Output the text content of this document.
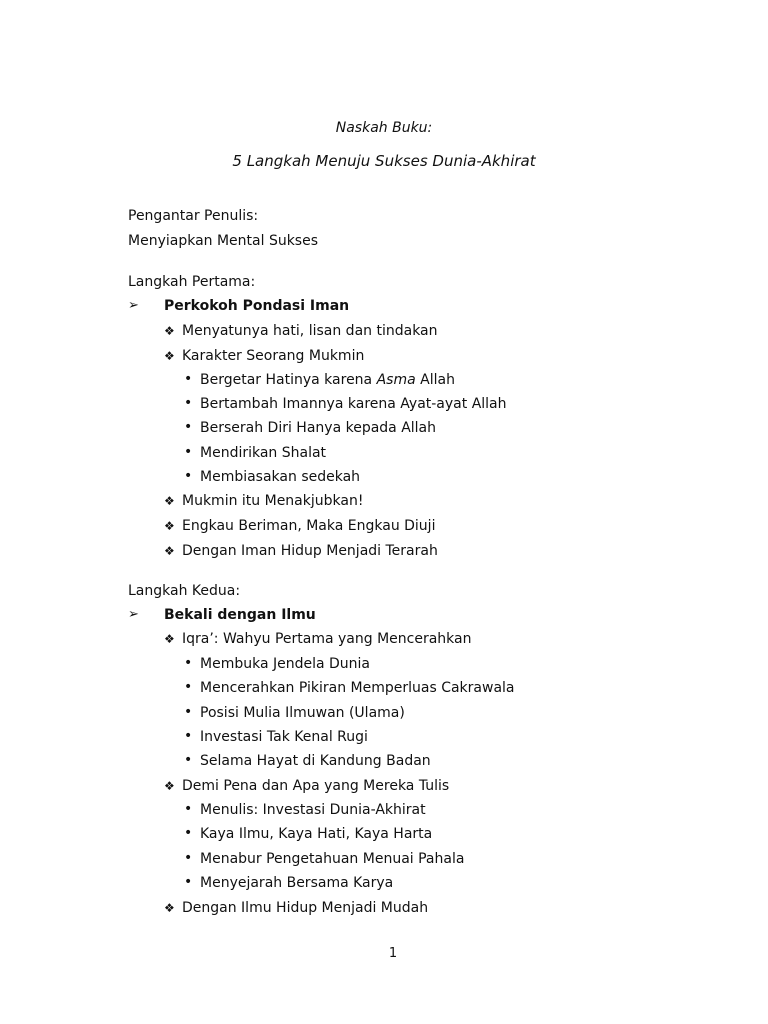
Naskah Buku:
5 Langkah Menuju Sukses Dunia-Akhirat
Pengantar Penulis:
Menyiapkan Mental Sukses
Langkah Pertama:
➢	Perkokoh Pondasi Iman
❖ Menyatunya hati, lisan dan tindakan
❖ Karakter Seorang Mukmin
• Bergetar Hatinya karena Asma Allah
• Bertambah Imannya karena Ayat-ayat Allah
• Berserah Diri Hanya kepada Allah
• Mendirikan Shalat
• Membiasakan sedekah
❖ Mukmin itu Menakjubkan!
❖ Engkau Beriman, Maka Engkau Diuji
❖ Dengan Iman Hidup Menjadi Terarah
Langkah Kedua:
➢	Bekali dengan Ilmu
❖ Iqra’: Wahyu Pertama yang Mencerahkan
• Membuka Jendela Dunia
• Mencerahkan Pikiran Memperluas Cakrawala
• Posisi Mulia Ilmuwan (Ulama)
• Investasi Tak Kenal Rugi
• Selama Hayat di Kandung Badan
❖ Demi Pena dan Apa yang Mereka Tulis
• Menulis: Investasi Dunia-Akhirat
• Kaya Ilmu, Kaya Hati, Kaya Harta
• Menabur Pengetahuan Menuai Pahala
• Menyejarah Bersama Karya
❖ Dengan Ilmu Hidup Menjadi Mudah
1
